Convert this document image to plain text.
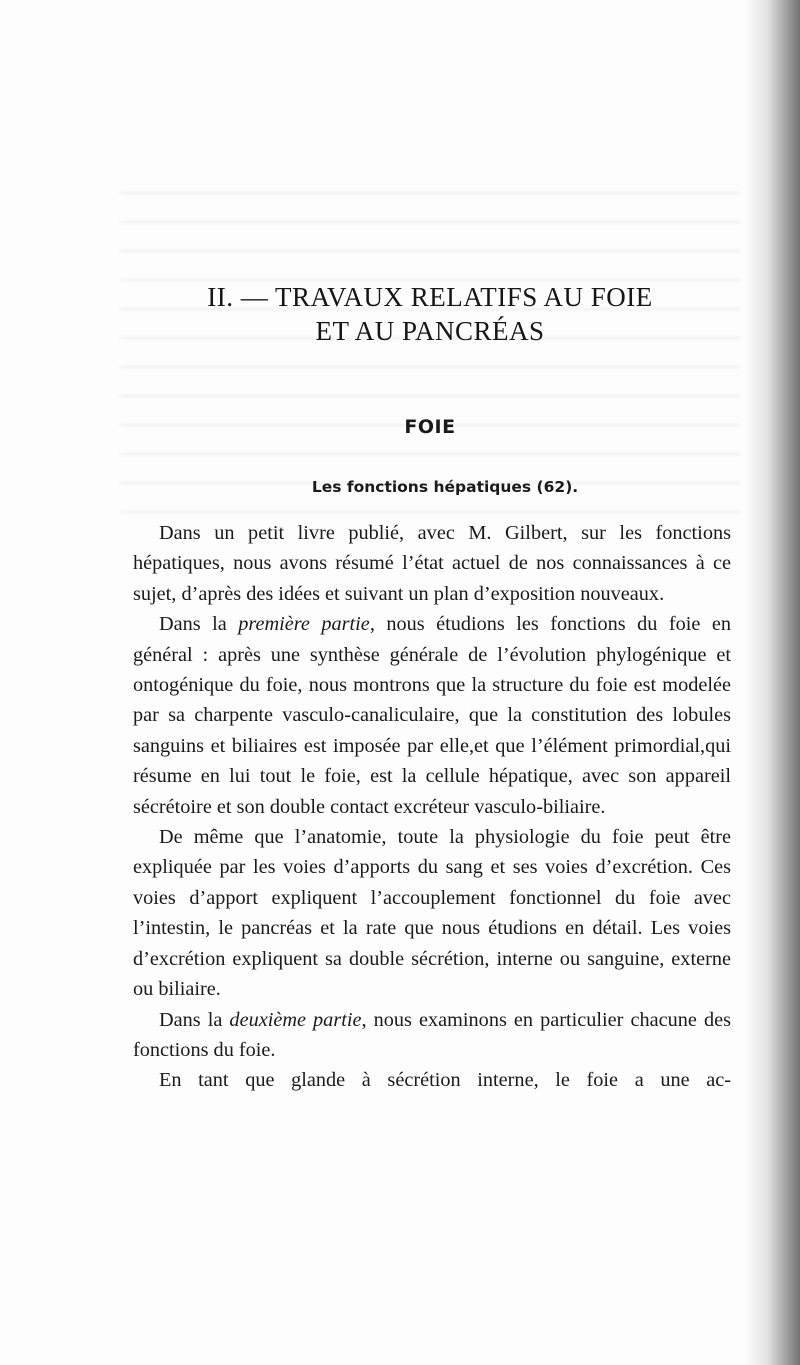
II. — TRAVAUX RELATIFS AU FOIE
ET AU PANCRÉAS
FOIE
Les fonctions hépatiques (62).

Dans un petit livre publié, avec M. Gilbert, sur les fonctions hépatiques, nous avons résumé l’état actuel de nos connaissances à ce sujet, d’après des idées et suivant un plan d’exposition nouveaux.

Dans la première partie, nous étudions les fonctions du foie en général : après une synthèse générale de l’évolution phylogénique et ontogénique du foie, nous montrons que la structure du foie est modelée par sa charpente vasculo-canaliculaire, que la constitution des lobules sanguins et biliaires est imposée par elle,et que l’élément primordial,qui résume en lui tout le foie, est la cellule hépatique, avec son appareil sécrétoire et son double contact excréteur vasculo-biliaire.

De même que l’anatomie, toute la physiologie du foie peut être expliquée par les voies d’apports du sang et ses voies d’excrétion. Ces voies d’apport expliquent l’accouplement fonctionnel du foie avec l’intestin, le pancréas et la rate que nous étudions en détail. Les voies d’excrétion expliquent sa double sécrétion, interne ou sanguine, externe ou biliaire.

Dans la deuxième partie, nous examinons en particulier chacune des fonctions du foie.

En tant que glande à sécrétion interne, le foie a une ac-
